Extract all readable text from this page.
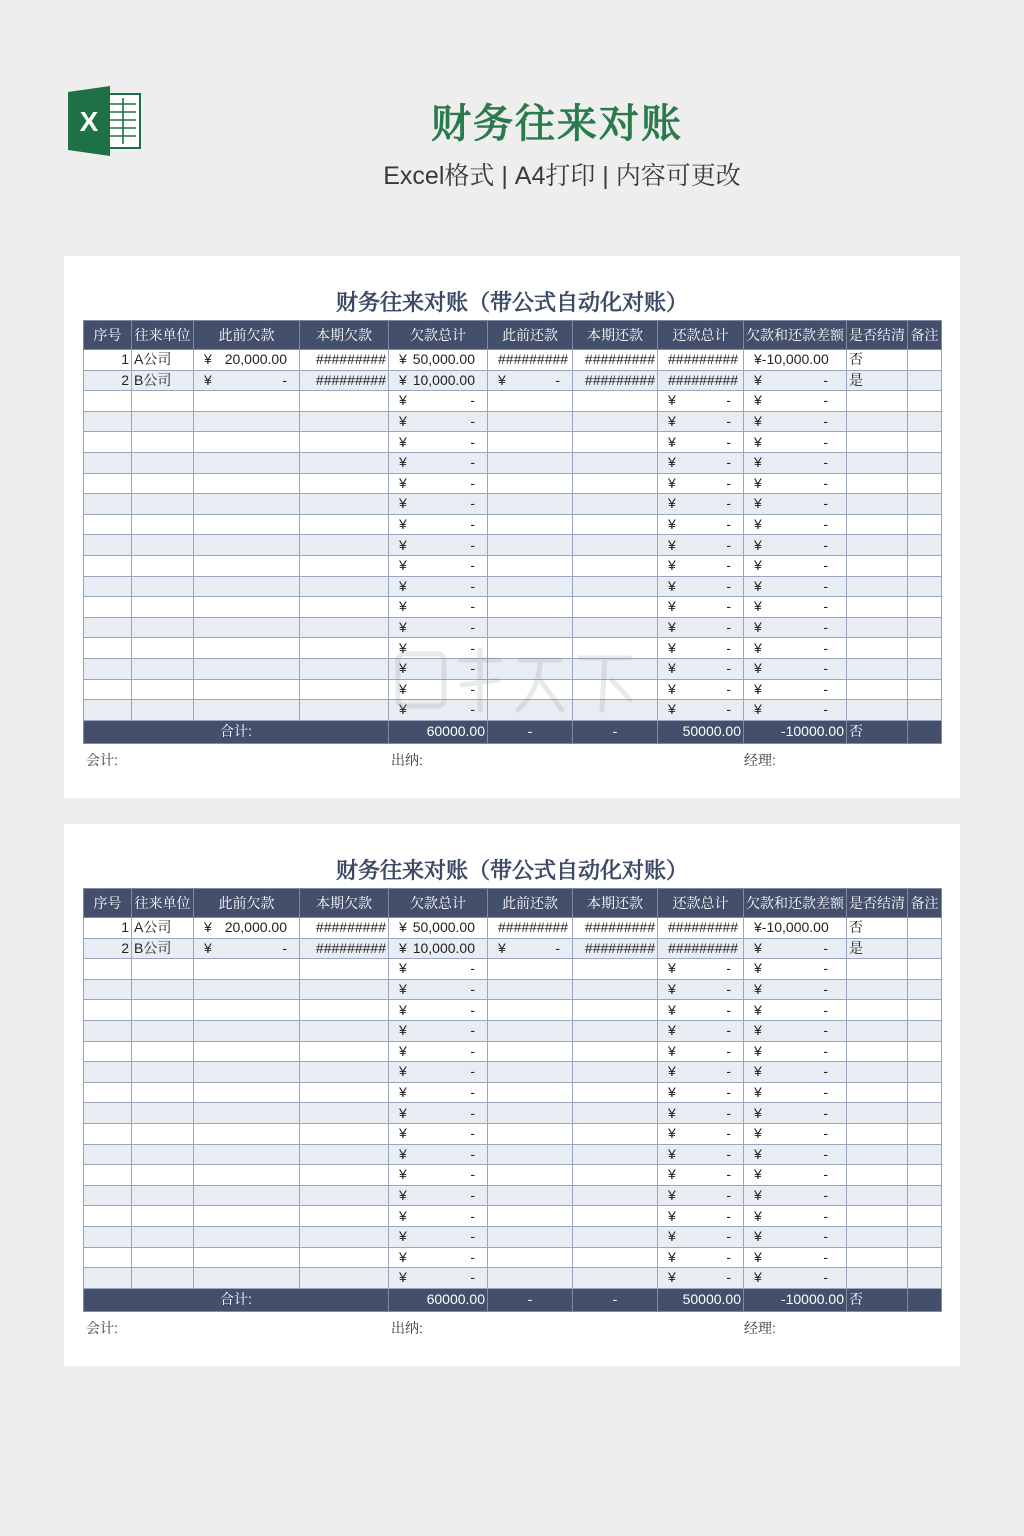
X	财务往来对账
Excel格式 | A4打印 | 内容可更改
财务往来对账（带公式自动化对账）
序号	往来单位	此前欠款	本期欠款	欠款总计	此前还款	本期还款	还款总计	欠款和还款差额	是否结清	备注
1	A公司	¥ 20,000.00	#########	¥ 50,000.00	#########	#########	#########	¥ -10,000.00	否	
2	B公司	¥ -	#########	¥ 10,000.00	¥ -	#########	#########	¥ -	是	

				¥ -			¥ -	¥ -		

				¥ -			¥ -	¥ -		

				¥ -			¥ -	¥ -		

				¥ -			¥ -	¥ -		

				¥ -			¥ -	¥ -		

				¥ -			¥ -	¥ -		

				¥ -			¥ -	¥ -		

				¥ -			¥ -	¥ -		

				¥ -			¥ -	¥ -		

				¥ -			¥ -	¥ -		

				¥ -			¥ -	¥ -		

				¥ -			¥ -	¥ -		

				¥ -			¥ -	¥ -		

				¥ -			¥ -	¥ -		

				¥ -			¥ -	¥ -		

				¥ -			¥ -	¥ -		

合计:				60000.00	-	-	50000.00	-10000.00	否	
会计:	出纳:	经理:
财务往来对账（带公式自动化对账）
序号	往来单位	此前欠款	本期欠款	欠款总计	此前还款	本期还款	还款总计	欠款和还款差额	是否结清	备注
1	A公司	¥ 20,000.00	#########	¥ 50,000.00	#########	#########	#########	¥ -10,000.00	否	
2	B公司	¥ -	#########	¥ 10,000.00	¥ -	#########	#########	¥ -	是	

				¥ -			¥ -	¥ -		

				¥ -			¥ -	¥ -		

				¥ -			¥ -	¥ -		

				¥ -			¥ -	¥ -		

				¥ -			¥ -	¥ -		

				¥ -			¥ -	¥ -		

				¥ -			¥ -	¥ -		

				¥ -			¥ -	¥ -		

				¥ -			¥ -	¥ -		

				¥ -			¥ -	¥ -		

				¥ -			¥ -	¥ -		

				¥ -			¥ -	¥ -		

				¥ -			¥ -	¥ -		

				¥ -			¥ -	¥ -		

				¥ -			¥ -	¥ -		

				¥ -			¥ -	¥ -		

合计:				60000.00	-	-	50000.00	-10000.00	否	
会计:	出纳:	经理:
